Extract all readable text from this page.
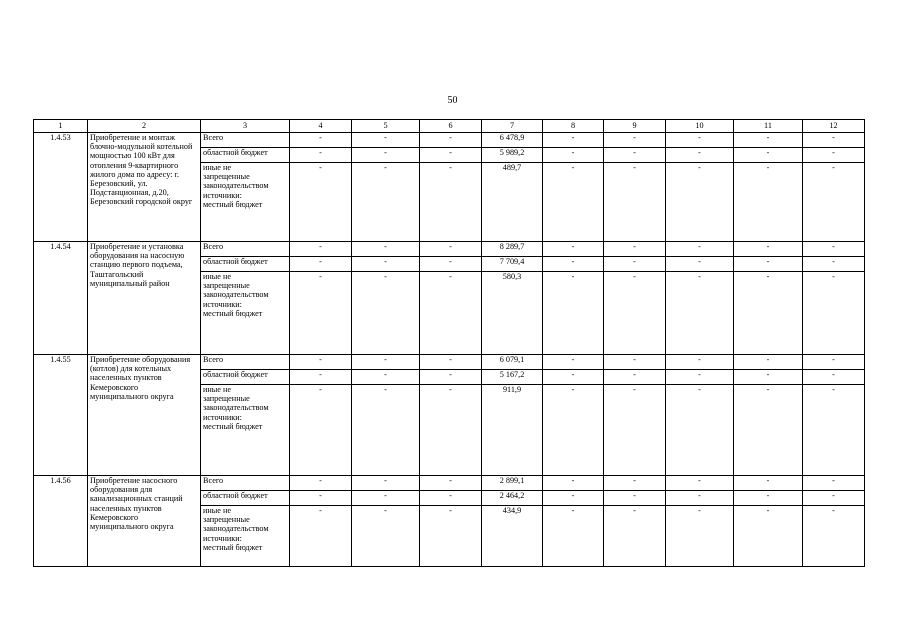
50
1	2	3	4	5	6	7	8	9	10	11	12
1.4.53	Приобретение и монтаж блочно-модульной котельной мощностью 100 кВт для отопления 9-квартирного жилого дома по адресу: г. Березовский, ул. Подстанционная, д.20, Березовский городской округ	Всего	-	-	-	6 478,9	-	-	-	-	-
		областной бюджет	-	-	-	5 989,2	-	-	-	-	-

		иные не
запрещенные
законодательством
источники:
местный бюджет	-	-	-	489,7	-	-	-	-	-
1.4.54	Приобретение и установка оборудования на насосную станцию первого подъема, Таштагольский муниципальный район	Всего	-	-	-	8 289,7	-	-	-	-	-
		областной бюджет	-	-	-	7 709,4	-	-	-	-	-

		иные не
запрещенные
законодательством
источники:
местный бюджет	-	-	-	580,3	-	-	-	-	-
1.4.55	Приобретение оборудования (котлов) для котельных населенных пунктов Кемеровского муниципального округа	Всего	-	-	-	6 079,1	-	-	-	-	-
		областной бюджет	-	-	-	5 167,2	-	-	-	-	-

		иные не
запрещенные
законодательством
источники:
местный бюджет	-	-	-	911,9	-	-	-	-	-
1.4.56	Приобретение насосного оборудования для канализационных станций населенных пунктов Кемеровского муниципального округа	Всего	-	-	-	2 899,1	-	-	-	-	-
		областной бюджет	-	-	-	2 464,2	-	-	-	-	-

		иные не
запрещенные
законодательством
источники:
местный бюджет	-	-	-	434,9	-	-	-	-	-
